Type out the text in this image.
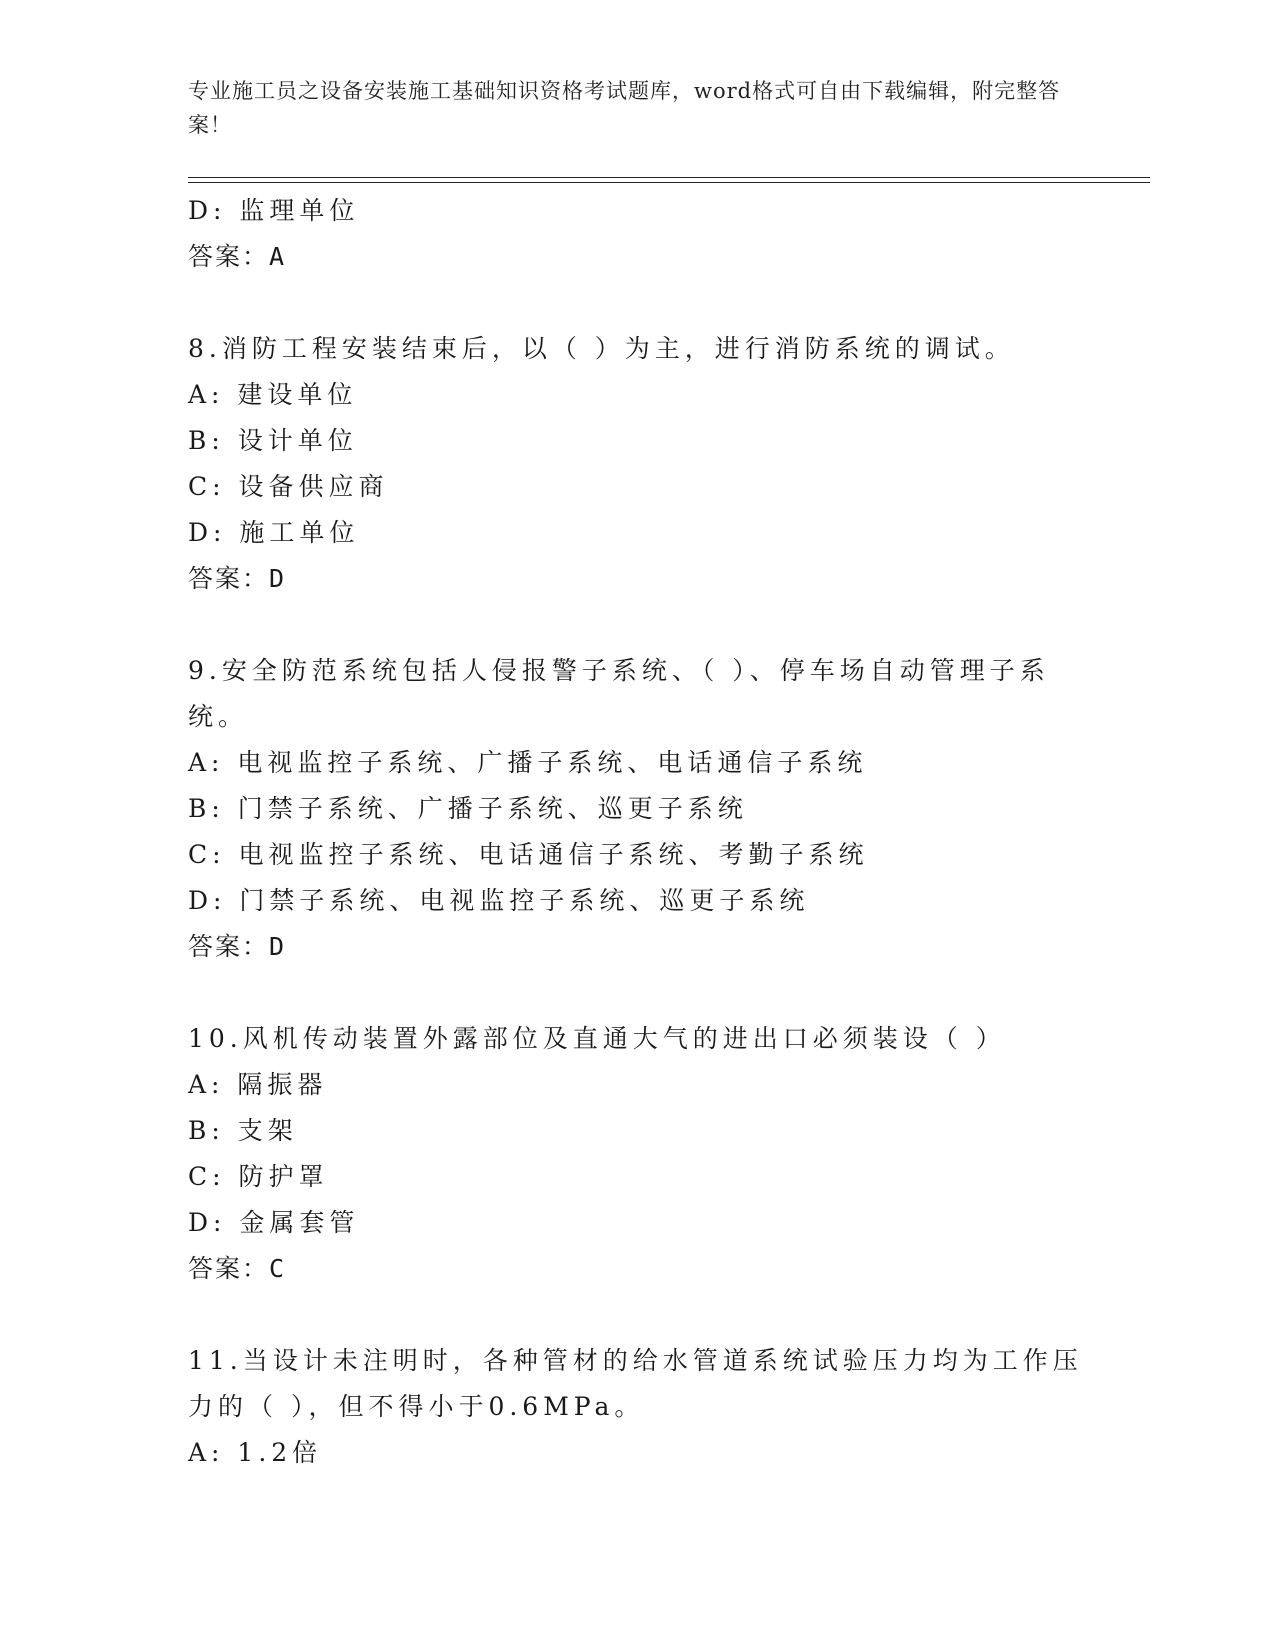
专业施工员之设备安装施工基础知识资格考试题库，word格式可自由下载编辑，附完整答案！
D: 监理单位
答案：A
8.消防工程安装结束后，以（ ）为主，进行消防系统的调试。
A: 建设单位
B: 设计单位
C: 设备供应商
D: 施工单位
答案：D
9.安全防范系统包括人侵报警子系统、（ ）、停车场自动管理子系统。
A: 电视监控子系统、广播子系统、电话通信子系统
B: 门禁子系统、广播子系统、巡更子系统
C: 电视监控子系统、电话通信子系统、考勤子系统
D: 门禁子系统、电视监控子系统、巡更子系统
答案：D
10.风机传动装置外露部位及直通大气的进出口必须装设（ ）
A: 隔振器
B: 支架
C: 防护罩
D: 金属套管
答案：C
11.当设计未注明时，各种管材的给水管道系统试验压力均为工作压力的（ ），但不得小于0.6MPa。
A: 1.2倍
